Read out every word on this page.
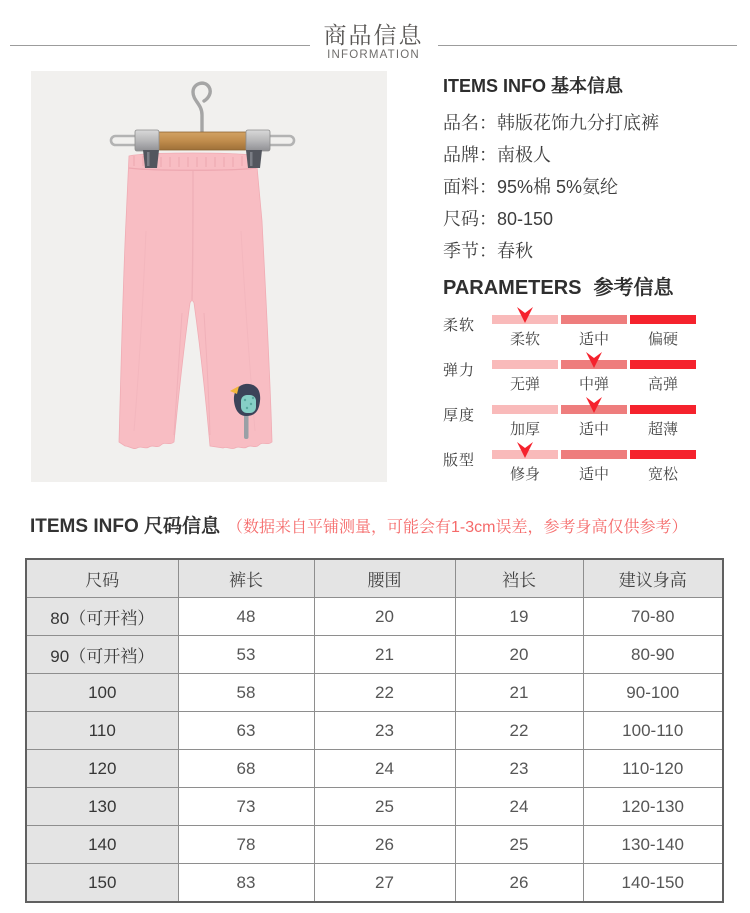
商品信息
INFORMATION
ITEMS INFO 基本信息
品名：韩版花饰九分打底裤
品牌：南极人
面料：95%棉 5%氨纶
尺码：80-150
季节：春秋
PARAMETERS 参考信息
柔软
柔软	适中	偏硬
弹力
无弹	中弹	高弹
厚度
加厚	适中	超薄
版型
修身	适中	宽松
ITEMS INFO 尺码信息 （数据来自平铺测量，可能会有1-3cm误差，参考身高仅供参考）
尺码	裤长	腰围	裆长	建议身高
80（可开裆）	48	20	19	70-80
90（可开裆）	53	21	20	80-90
100	58	22	21	90-100
110	63	23	22	100-110
120	68	24	23	110-120
130	73	25	24	120-130
140	78	26	25	130-140
150	83	27	26	140-150
